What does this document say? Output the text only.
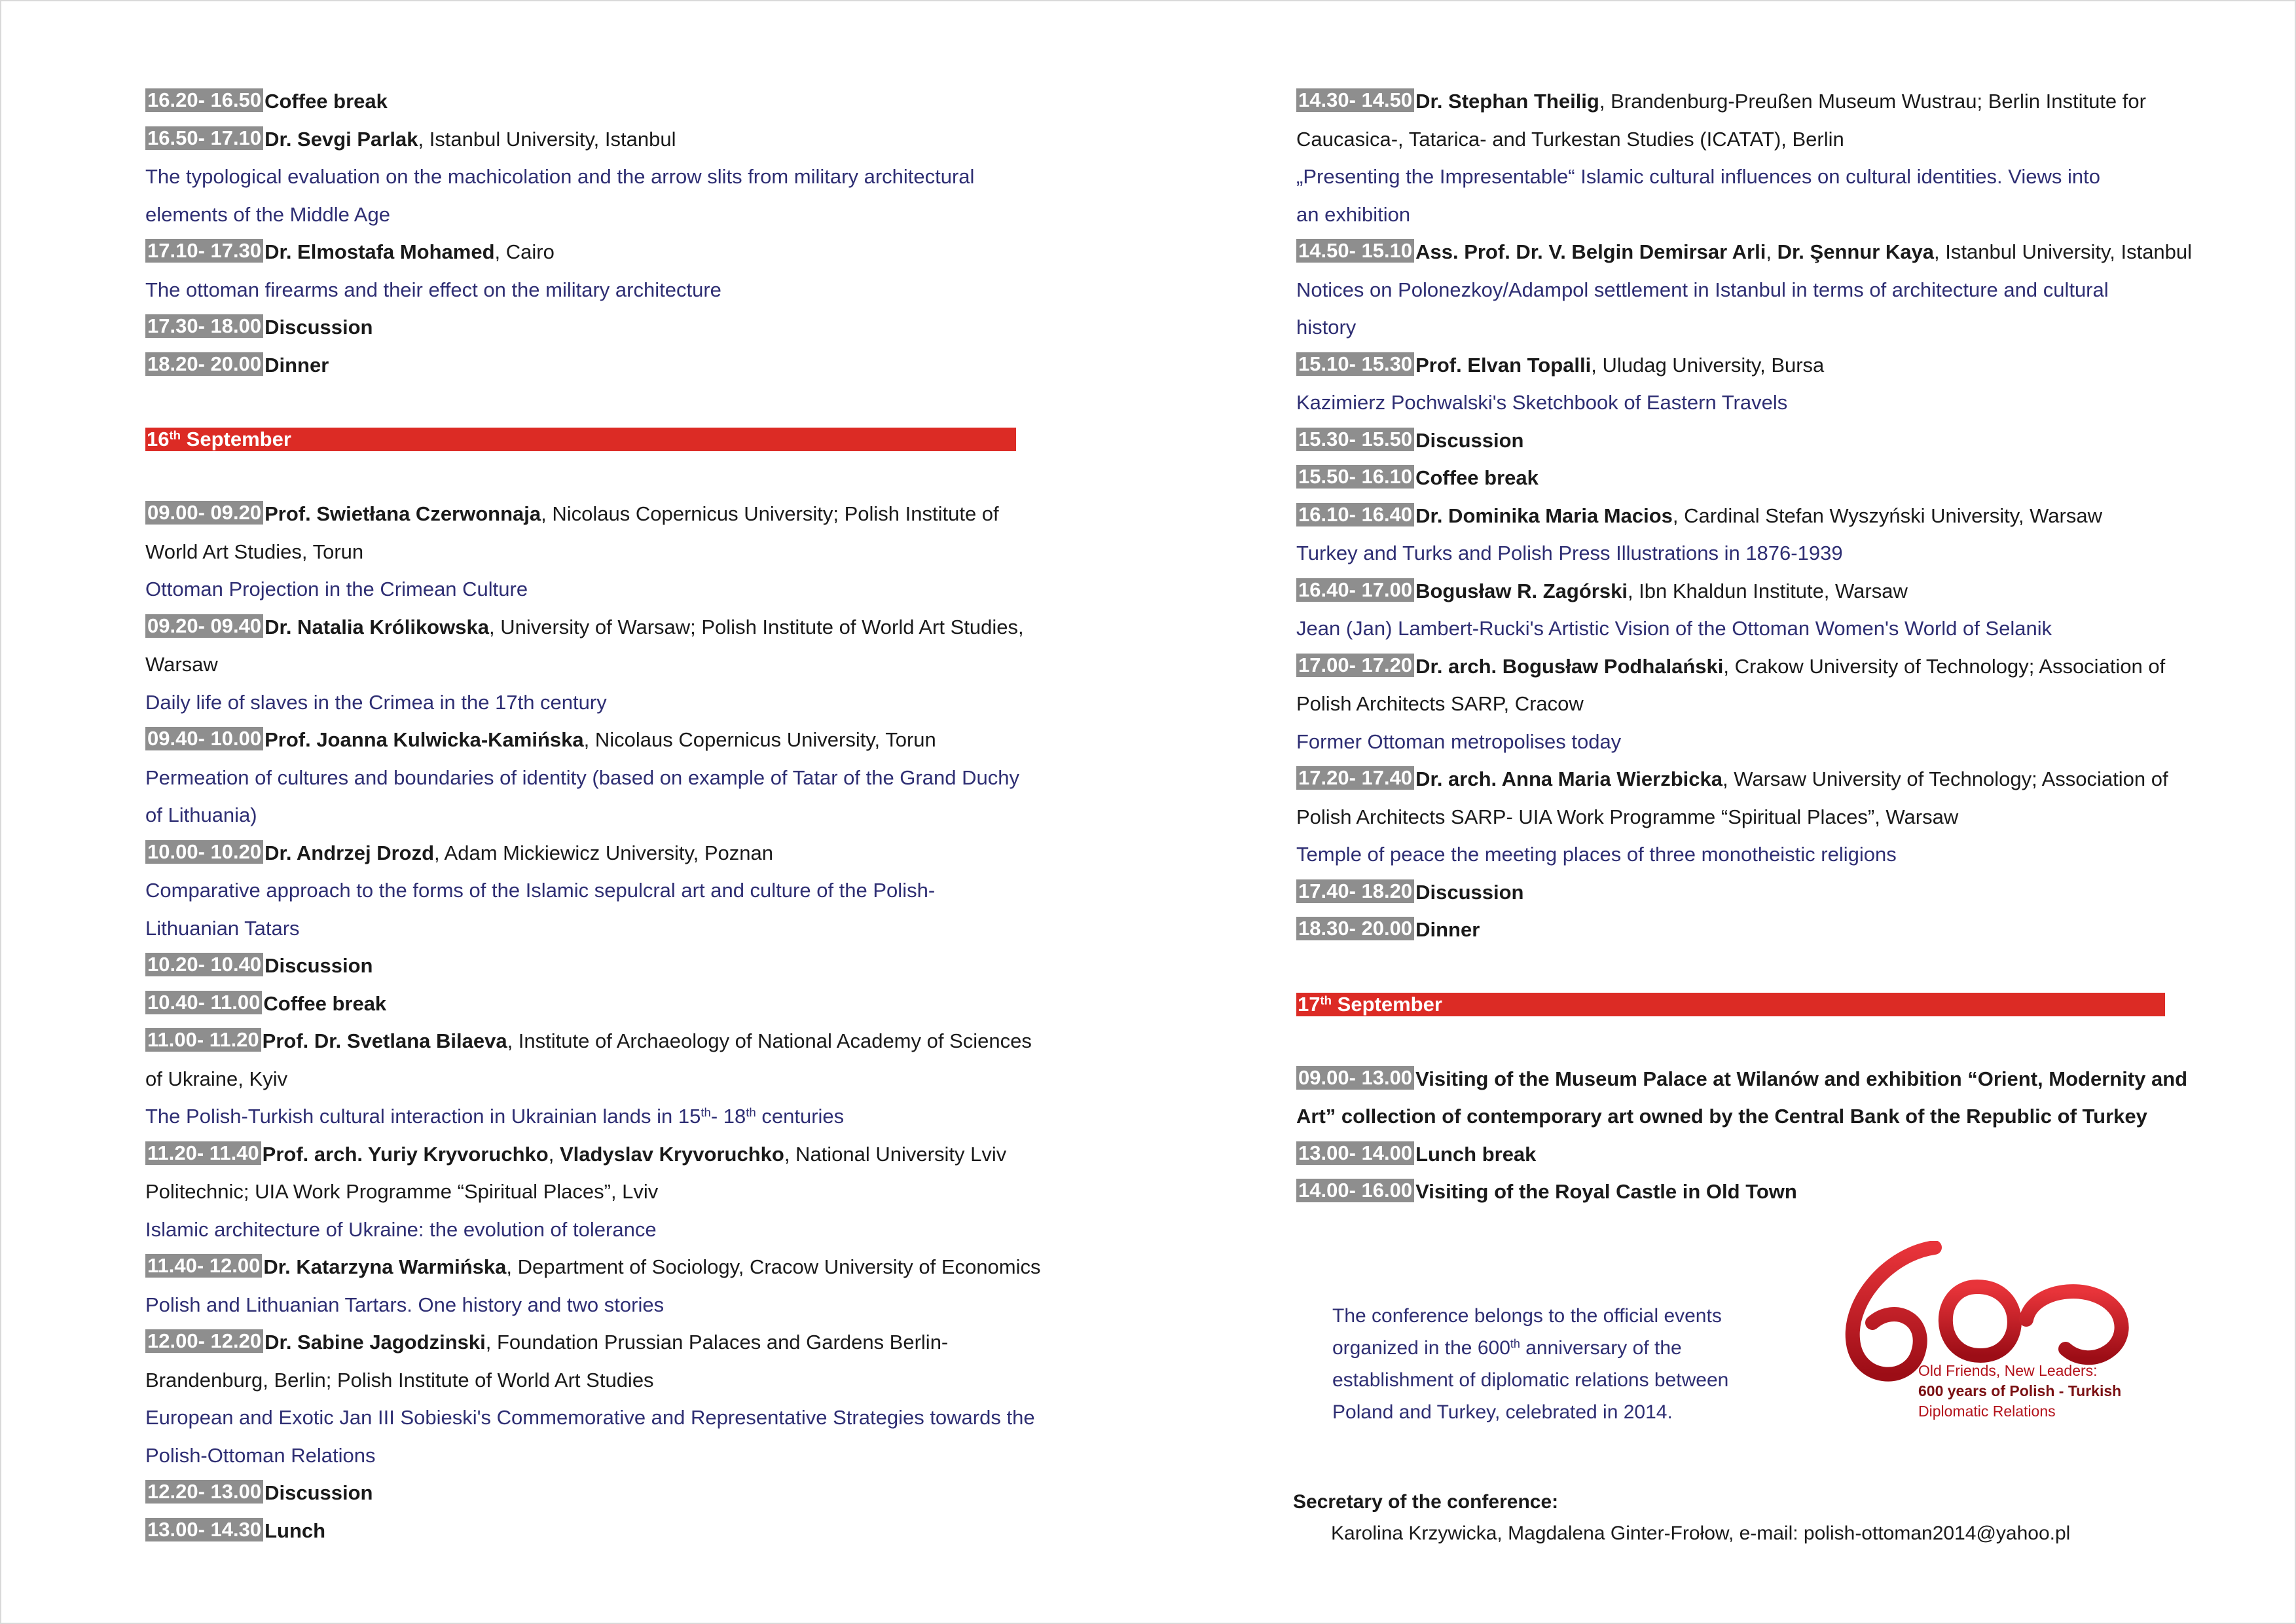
16.20- 16.50 Coffee break
16.50- 17.10 Dr. Sevgi Parlak, Istanbul University, Istanbul
The typological evaluation on the machicolation and the arrow slits from military architectural
elements of the Middle Age
17.10- 17.30 Dr. Elmostafa Mohamed, Cairo
The ottoman firearms and their effect on the military architecture
17.30- 18.00 Discussion
18.20- 20.00 Dinner
16th September
09.00- 09.20 Prof. Swietłana Czerwonnaja, Nicolaus Copernicus University; Polish Institute of
World Art Studies, Torun
Ottoman Projection in the Crimean Culture
09.20- 09.40 Dr. Natalia Królikowska, University of Warsaw; Polish Institute of World Art Studies,
Warsaw
Daily life of slaves in the Crimea in the 17th century
09.40- 10.00 Prof. Joanna Kulwicka-Kamińska, Nicolaus Copernicus University, Torun
Permeation of cultures and boundaries of identity (based on example of Tatar of the Grand Duchy
of Lithuania)
10.00- 10.20 Dr. Andrzej Drozd, Adam Mickiewicz University, Poznan
Comparative approach to the forms of the Islamic sepulcral art and culture of the Polish-
Lithuanian Tatars
10.20- 10.40 Discussion
10.40- 11.00 Coffee break
11.00- 11.20 Prof. Dr. Svetlana Bilaeva, Institute of Archaeology of National Academy of Sciences
of Ukraine, Kyiv
The Polish-Turkish cultural interaction in Ukrainian lands in 15th- 18th centuries
11.20- 11.40 Prof. arch. Yuriy Kryvoruchko, Vladyslav Kryvoruchko, National University Lviv
Politechnic; UIA Work Programme “Spiritual Places”, Lviv
Islamic architecture of Ukraine: the evolution of tolerance
11.40- 12.00 Dr. Katarzyna Warmińska, Department of Sociology, Cracow University of Economics
Polish and Lithuanian Tartars. One history and two stories
12.00- 12.20 Dr. Sabine Jagodzinski, Foundation Prussian Palaces and Gardens Berlin-
Brandenburg, Berlin; Polish Institute of World Art Studies
European and Exotic Jan III Sobieski's Commemorative and Representative Strategies towards the
Polish-Ottoman Relations
12.20- 13.00 Discussion
13.00- 14.30 Lunch
14.30- 14.50 Dr. Stephan Theilig, Brandenburg-Preußen Museum Wustrau; Berlin Institute for
Caucasica-, Tatarica- and Turkestan Studies (ICATAT), Berlin
„Presenting the Impresentable“ Islamic cultural influences on cultural identities. Views into
an exhibition
14.50- 15.10 Ass. Prof. Dr. V. Belgin Demirsar Arli, Dr. Şennur Kaya, Istanbul University, Istanbul
Notices on Polonezkoy/Adampol settlement in Istanbul in terms of architecture and cultural
history
15.10- 15.30 Prof. Elvan Topalli, Uludag University, Bursa
Kazimierz Pochwalski's Sketchbook of Eastern Travels
15.30- 15.50 Discussion
15.50- 16.10 Coffee break
16.10- 16.40 Dr. Dominika Maria Macios, Cardinal Stefan Wyszyński University, Warsaw
Turkey and Turks and Polish Press Illustrations in 1876-1939
16.40- 17.00 Bogusław R. Zagórski, Ibn Khaldun Institute, Warsaw
Jean (Jan) Lambert-Rucki's Artistic Vision of the Ottoman Women's World of Selanik
17.00- 17.20 Dr. arch. Bogusław Podhalański, Crakow University of Technology; Association of
Polish Architects SARP, Cracow
Former Ottoman metropolises today
17.20- 17.40 Dr. arch. Anna Maria Wierzbicka, Warsaw University of Technology; Association of
Polish Architects SARP- UIA Work Programme “Spiritual Places”, Warsaw
Temple of peace the meeting places of three monotheistic religions
17.40- 18.20 Discussion
18.30- 20.00 Dinner
17th September
09.00- 13.00 Visiting of the Museum Palace at Wilanów and exhibition “Orient, Modernity and
Art” collection of contemporary art owned by the Central Bank of the Republic of Turkey
13.00- 14.00 Lunch break
14.00- 16.00 Visiting of the Royal Castle in Old Town
The conference belongs to the official events
organized in the 600th anniversary of the
establishment of diplomatic relations between
Poland and Turkey, celebrated in 2014.
Old Friends, New Leaders:
600 years of Polish - Turkish
Diplomatic Relations
Secretary of the conference:
Karolina Krzywicka, Magdalena Ginter-Frołow, e-mail: polish-ottoman2014@yahoo.pl
